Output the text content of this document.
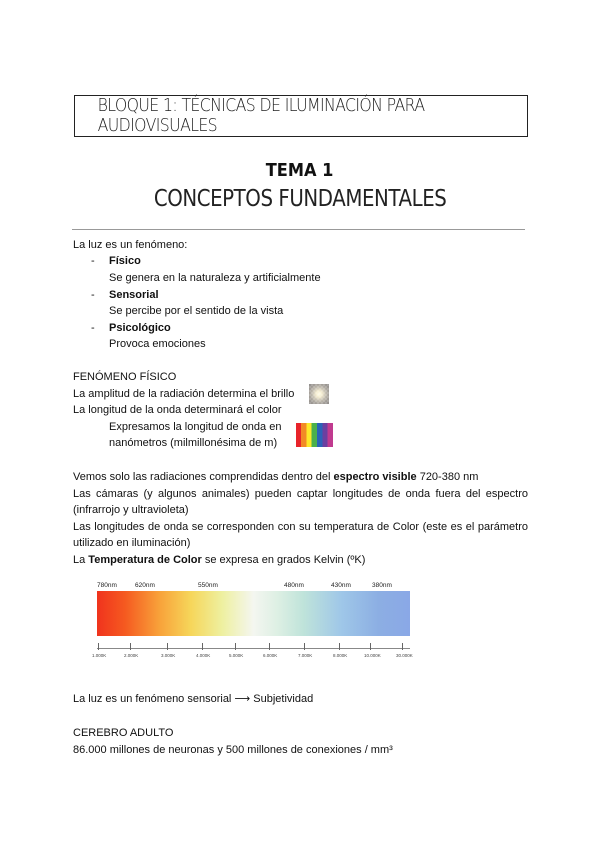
BLOQUE 1: TÉCNICAS DE ILUMINACIÓN PARA AUDIOVISUALES
TEMA 1
CONCEPTOS FUNDAMENTALES
La luz es un fenómeno:
- Físico
Se genera en la naturaleza y artificialmente
- Sensorial
Se percibe por el sentido de la vista
- Psicológico
Provoca emociones
FENÓMENO FÍSICO
La amplitud de la radiación determina el brillo
La longitud de la onda determinará el color
Expresamos la longitud de onda en
nanómetros (milmillonésima de m)
Vemos solo las radiaciones comprendidas dentro del espectro visible 720-380 nm
Las cámaras (y algunos animales) pueden captar longitudes de onda fuera del espectro (infrarrojo y ultravioleta)
Las longitudes de onda se corresponden con su temperatura de Color (este es el parámetro utilizado en iluminación)
La Temperatura de Color se expresa en grados Kelvin (ºK)
780nm	620nm	550nm	480nm	430nm	380nm
1.000K	2.000K	3.000K	4.000K	5.000K	6.000K	7.000K	8.000K	10.000K	30.000K
La luz es un fenómeno sensorial ⟶ Subjetividad
CEREBRO ADULTO
86.000 millones de neuronas y 500 millones de conexiones / mm³
